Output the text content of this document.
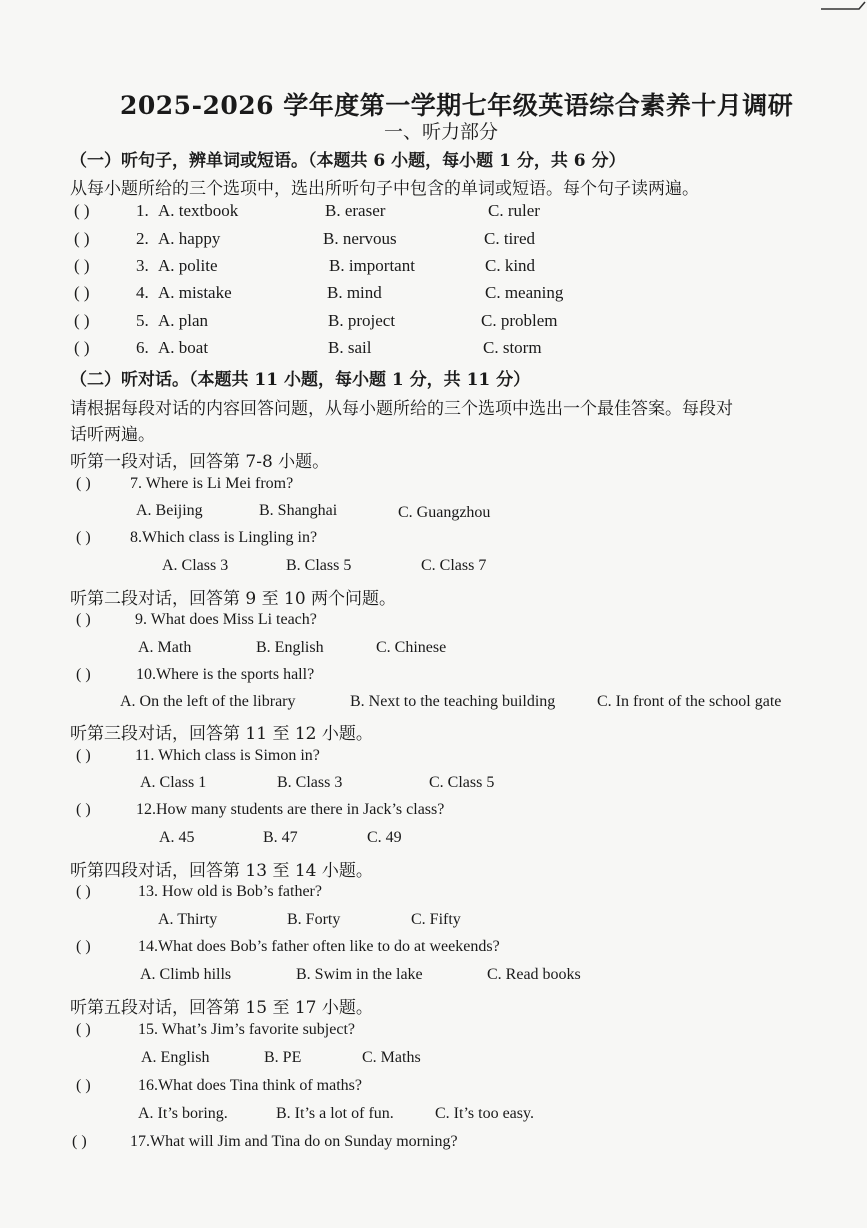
2025-2026 学年度第一学期七年级英语综合素养十月调研
一、听力部分
（一）听句子，辨单词或短语。（本题共 6 小题，每小题 1 分，共 6 分）
从每小题所给的三个选项中，选出所听句子中包含的单词或短语。每个句子读两遍。
( )	1. A. textbook	B. eraser	C. ruler
( )	2. A. happy	B. nervous	C. tired
( )	3. A. polite	B. important	C. kind
( )	4. A. mistake	B. mind	C. meaning
( )	5. A. plan	B. project	C. problem
( )	6. A. boat	B. sail	C. storm
（二）听对话。（本题共 11 小题，每小题 1 分，共 11 分）
请根据每段对话的内容回答问题，从每小题所给的三个选项中选出一个最佳答案。每段对
话听两遍。
听第一段对话，回答第 7-8 小题。
( ) 7. Where is Li Mei from?
A. Beijing	B. Shanghai	C. Guangzhou
( ) 8.Which class is Lingling in?
A. Class 3	B. Class 5	C. Class 7
听第二段对话，回答第 9 至 10 两个问题。
( )	9. What does Miss Li teach?
A. Math	B. English	C. Chinese
( )	10.Where is the sports hall?
A. On the left of the library	B. Next to the teaching building	C. In front of the school gate
听第三段对话，回答第 11 至 12 小题。
( )	11. Which class is Simon in?
A. Class 1	B. Class 3	C. Class 5
( )	12.How many students are there in Jack’s class?
A. 45	B. 47	C. 49
听第四段对话，回答第 13 至 14 小题。
( )	13. How old is Bob’s father?
A. Thirty	B. Forty	C. Fifty
( )	14.What does Bob’s father often like to do at weekends?
A. Climb hills	B. Swim in the lake	C. Read books
听第五段对话，回答第 15 至 17 小题。
( )	15. What’s Jim’s favorite subject?
A. English	B. PE	C. Maths
( )	16.What does Tina think of maths?
A. It’s boring.	B. It’s a lot of fun.	C. It’s too easy.
( )	17.What will Jim and Tina do on Sunday morning?
